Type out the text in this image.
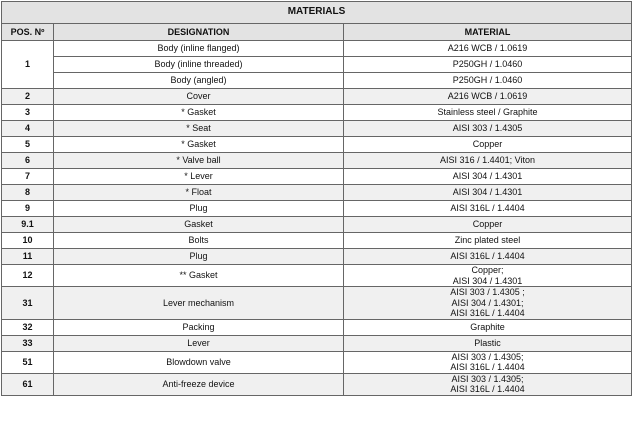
MATERIALS		
POS. Nº	DESIGNATION	MATERIAL
1	Body (inline flanged)	A216 WCB / 1.0619

	Body (inline threaded)	P250GH / 1.0460

	Body (angled)	P250GH / 1.0460

2	Cover	A216 WCB / 1.0619

3	* Gasket	Stainless steel / Graphite

4	* Seat	AISI 303 / 1.4305

5	* Gasket	Copper

6	* Valve ball	AISI 316 / 1.4401; Viton

7	* Lever	AISI 304 / 1.4301

8	* Float	AISI 304 / 1.4301

9	Plug	AISI 316L / 1.4404

9.1	Gasket	Copper

10	Bolts	Zinc plated steel

11	Plug	AISI 316L / 1.4404

12	** Gasket	Copper;
AISI 304 / 1.4301

31	Lever mechanism	AISI 303 / 1.4305 ;
AISI 304 / 1.4301;
AISI 316L / 1.4404

32	Packing	Graphite

33	Lever	Plastic

51	Blowdown valve	AISI 303 / 1.4305;
AISI 316L / 1.4404

61	Anti-freeze device	AISI 303 / 1.4305;
AISI 316L / 1.4404
